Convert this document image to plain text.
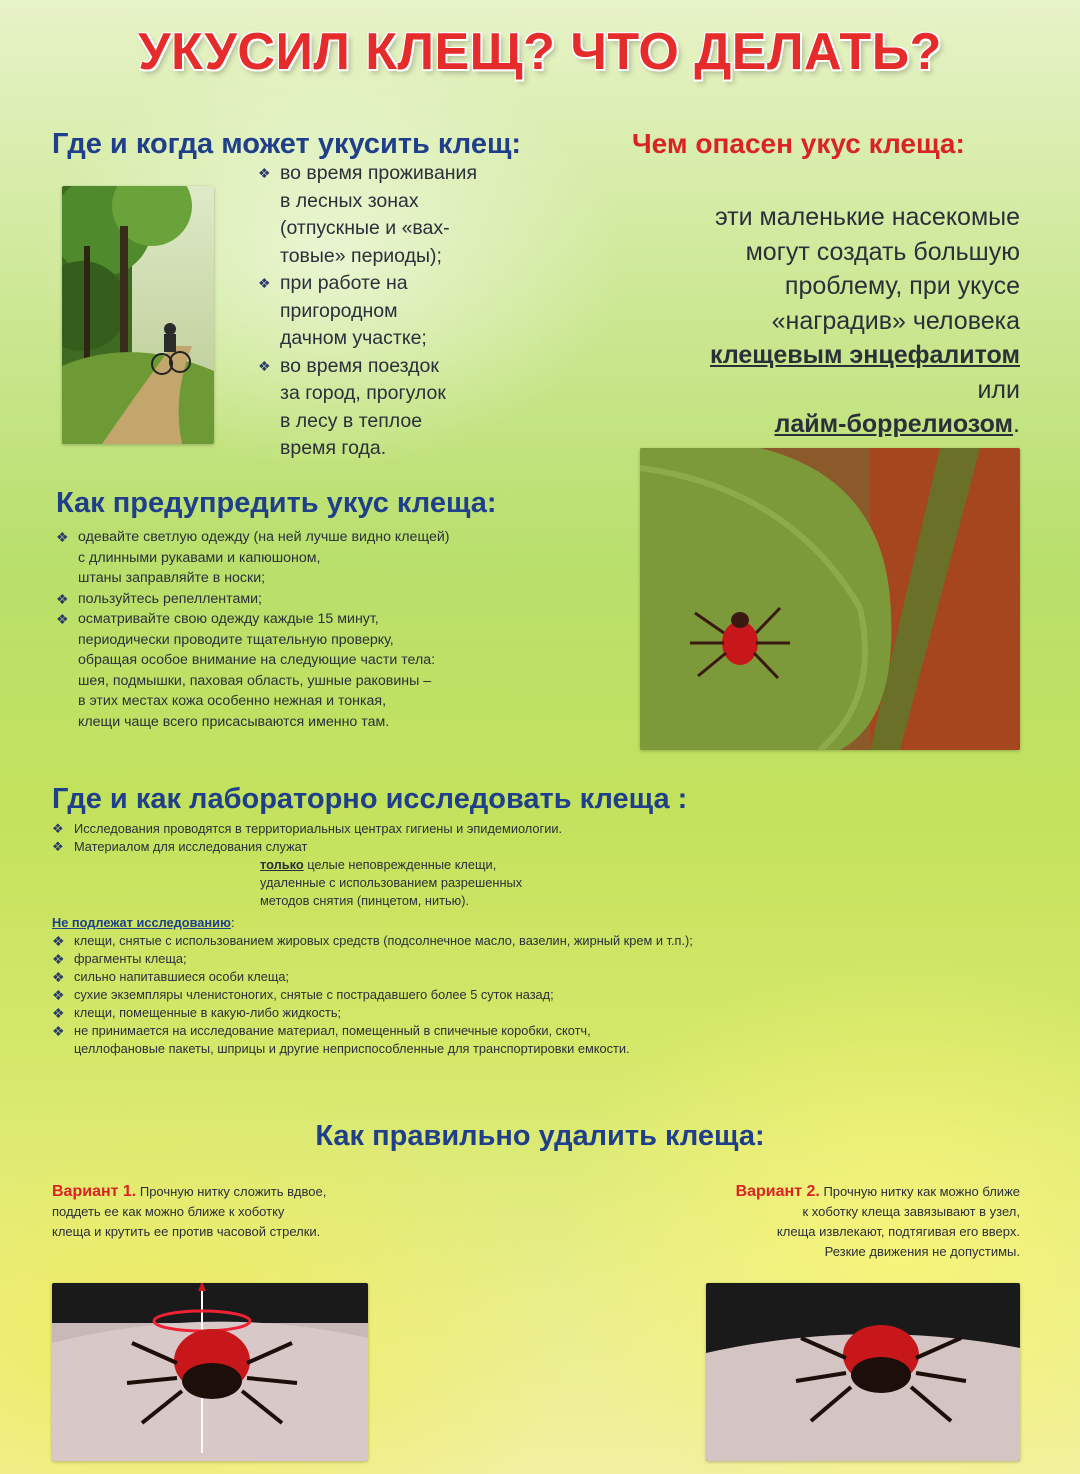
УКУСИЛ КЛЕЩ? ЧТО ДЕЛАТЬ?
Где и когда может укусить клещ:
❖ во время проживания
в лесных зонах
(отпускные и «вах-
товые» периоды);
❖ при работе на
пригородном
дачном участке;
❖ во время поездок
за город, прогулок
в лесу в теплое
время года.
Чем опасен укус клеща:
эти маленькие насекомые
могут создать большую
проблему, при укусе
«наградив» человека
клещевым энцефалитом
или
лайм-боррелиозом.
Как предупредить укус клеща:
❖ одевайте светлую одежду (на ней лучше видно клещей)
с длинными рукавами и капюшоном,
штаны заправляйте в носки;
❖ пользуйтесь репеллентами;
❖ осматривайте свою одежду каждые 15 минут,
периодически проводите тщательную проверку,
обращая особое внимание на следующие части тела:
шея, подмышки, паховая область, ушные раковины –
в этих местах кожа особенно нежная и тонкая,
клещи чаще всего присасываются именно там.
Где и как лабораторно исследовать клеща :
❖ Исследования проводятся в территориальных центрах гигиены и эпидемиологии.
❖ Материалом для исследования служат
только целые неповрежденные клещи,
удаленные с использованием разрешенных
методов снятия (пинцетом, нитью).
Не подлежат исследованию:
❖ клещи, снятые с использованием жировых средств (подсолнечное масло, вазелин, жирный крем и т.п.);
❖ фрагменты клеща;
❖ сильно напитавшиеся особи клеща;
❖ сухие экземпляры членистоногих, снятые с пострадавшего более 5 суток назад;
❖ клещи, помещенные в какую-либо жидкость;
❖ не принимается на исследование материал, помещенный в спичечные коробки, скотч,
целлофановые пакеты, шприцы и другие неприспособленные для транспортировки емкости.
Как правильно удалить клеща:
Вариант 1. Прочную нитку сложить вдвое,
поддеть ее как можно ближе к хоботку
клеща и крутить ее против часовой стрелки.
Вариант 2. Прочную нитку как можно ближе
к хоботку клеща завязывают в узел,
клеща извлекают, подтягивая его вверх.
Резкие движения не допустимы.
